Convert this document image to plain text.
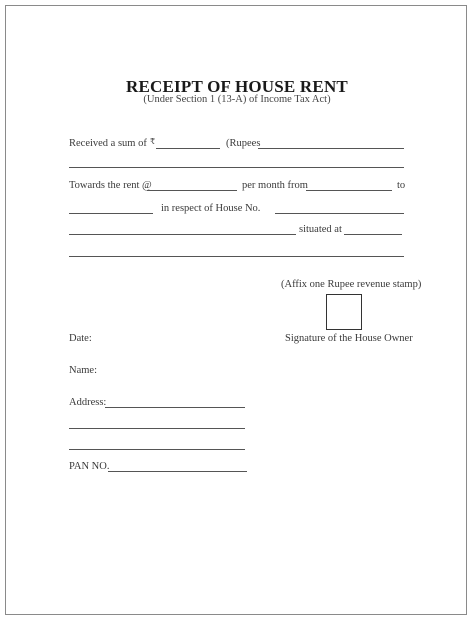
RECEIPT OF HOUSE RENT
(Under Section 1 (13-A) of Income Tax Act)
Received a sum of ₹	(Rupees
Towards the rent @	per month from	to
in respect of House No.
situated at
(Affix one Rupee revenue stamp)
Date:	Signature of the House Owner
Name:
Address:
PAN NO.
